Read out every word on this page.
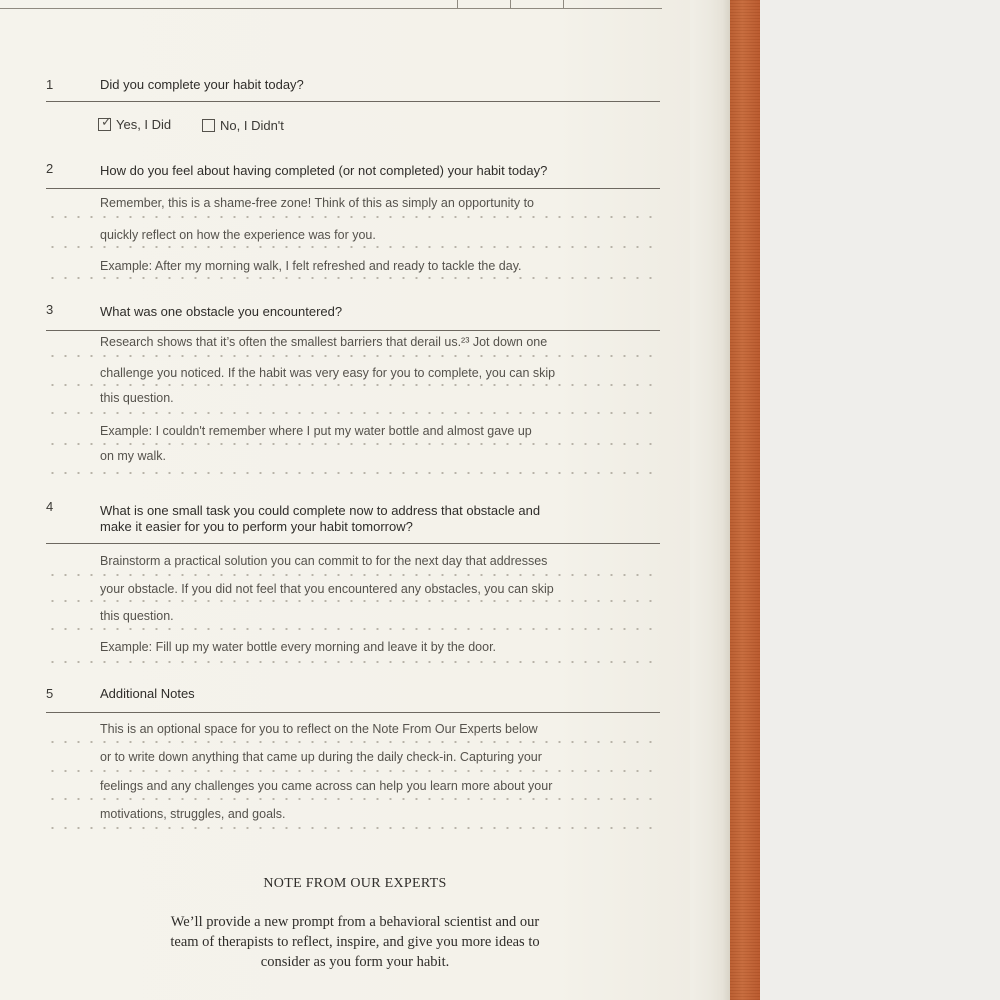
1	Did you complete your habit today?
✓ Yes, I Did	No, I Didn't
2	How do you feel about having completed (or not completed) your habit today?
Remember, this is a shame-free zone! Think of this as simply an opportunity to
quickly reflect on how the experience was for you.
Example: After my morning walk, I felt refreshed and ready to tackle the day.
3	What was one obstacle you encountered?
Research shows that it’s often the smallest barriers that derail us.²³ Jot down one
challenge you noticed. If the habit was very easy for you to complete, you can skip
this question.
Example: I couldn't remember where I put my water bottle and almost gave up
on my walk.
4	What is one small task you could complete now to address that obstacle and
make it easier for you to perform your habit tomorrow?
Brainstorm a practical solution you can commit to for the next day that addresses
your obstacle. If you did not feel that you encountered any obstacles, you can skip
this question.
Example: Fill up my water bottle every morning and leave it by the door.
5	Additional Notes
This is an optional space for you to reflect on the Note From Our Experts below
or to write down anything that came up during the daily check-in. Capturing your
feelings and any challenges you came across can help you learn more about your
motivations, struggles, and goals.
NOTE FROM OUR EXPERTS
We’ll provide a new prompt from a behavioral scientist and our
team of therapists to reflect, inspire, and give you more ideas to
consider as you form your habit.
